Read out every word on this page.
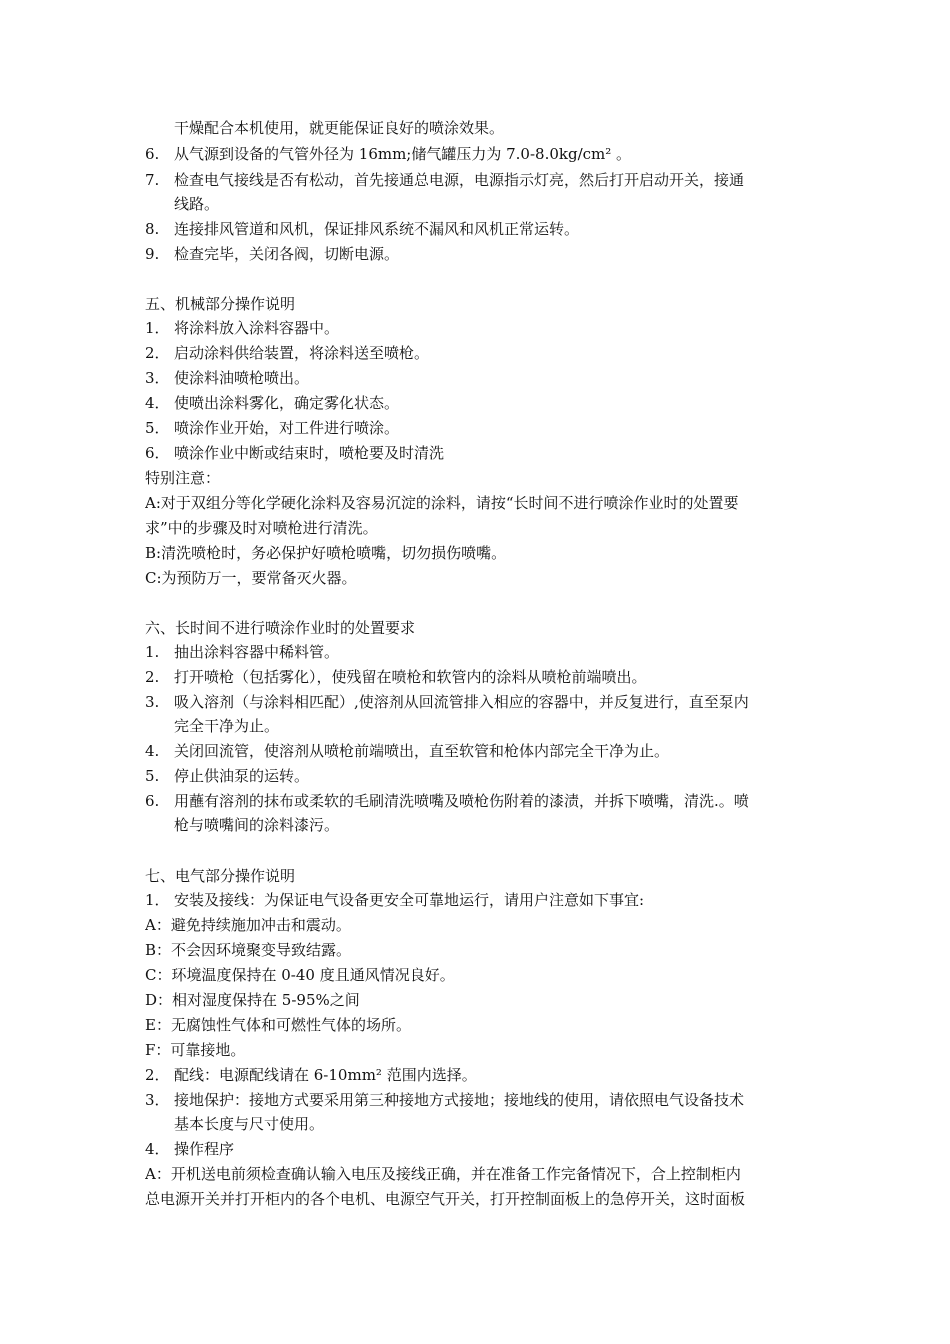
干燥配合本机使用，就更能保证良好的喷涂效果。
6. 从气源到设备的气管外径为 16mm;储气罐压力为 7.0-8.0kg/cm² 。
7. 检查电气接线是否有松动，首先接通总电源，电源指示灯亮，然后打开启动开关，接通
线路。
8. 连接排风管道和风机，保证排风系统不漏风和风机正常运转。
9. 检查完毕，关闭各阀，切断电源。
五、机械部分操作说明
1． 将涂料放入涂料容器中。
2． 启动涂料供给装置，将涂料送至喷枪。
3． 使涂料油喷枪喷出。
4． 使喷出涂料雾化，确定雾化状态。
5． 喷涂作业开始，对工件进行喷涂。
6． 喷涂作业中断或结束时，喷枪要及时清洗
特别注意：
A:对于双组分等化学硬化涂料及容易沉淀的涂料，请按“长时间不进行喷涂作业时的处置要
求”中的步骤及时对喷枪进行清洗。
B:清洗喷枪时，务必保护好喷枪喷嘴，切勿损伤喷嘴。
C:为预防万一，要常备灭火器。
六、长时间不进行喷涂作业时的处置要求
1. 抽出涂料容器中稀料管。
2. 打开喷枪（包括雾化），使残留在喷枪和软管内的涂料从喷枪前端喷出。
3. 吸入溶剂（与涂料相匹配）,使溶剂从回流管排入相应的容器中，并反复进行，直至泵内
完全干净为止。
4. 关闭回流管，使溶剂从喷枪前端喷出，直至软管和枪体内部完全干净为止。
5. 停止供油泵的运转。
6. 用蘸有溶剂的抹布或柔软的毛刷清洗喷嘴及喷枪伤附着的漆渍，并拆下喷嘴，清洗.。喷
枪与喷嘴间的涂料漆污。
七、电气部分操作说明
1． 安装及接线：为保证电气设备更安全可靠地运行，请用户注意如下事宜:
A：避免持续施加冲击和震动。
B：不会因环境聚变导致结露。
C：环境温度保持在 0-40 度且通风情况良好。
D：相对湿度保持在 5-95%之间
E：无腐蚀性气体和可燃性气体的场所。
F：可靠接地。
2． 配线：电源配线请在 6-10mm² 范围内选择。
3． 接地保护：接地方式要采用第三种接地方式接地；接地线的使用，请依照电气设备技术
基本长度与尺寸使用。
4． 操作程序
A：开机送电前须检查确认输入电压及接线正确，并在准备工作完备情况下，合上控制柜内
总电源开关并打开柜内的各个电机、电源空气开关，打开控制面板上的急停开关，这时面板
